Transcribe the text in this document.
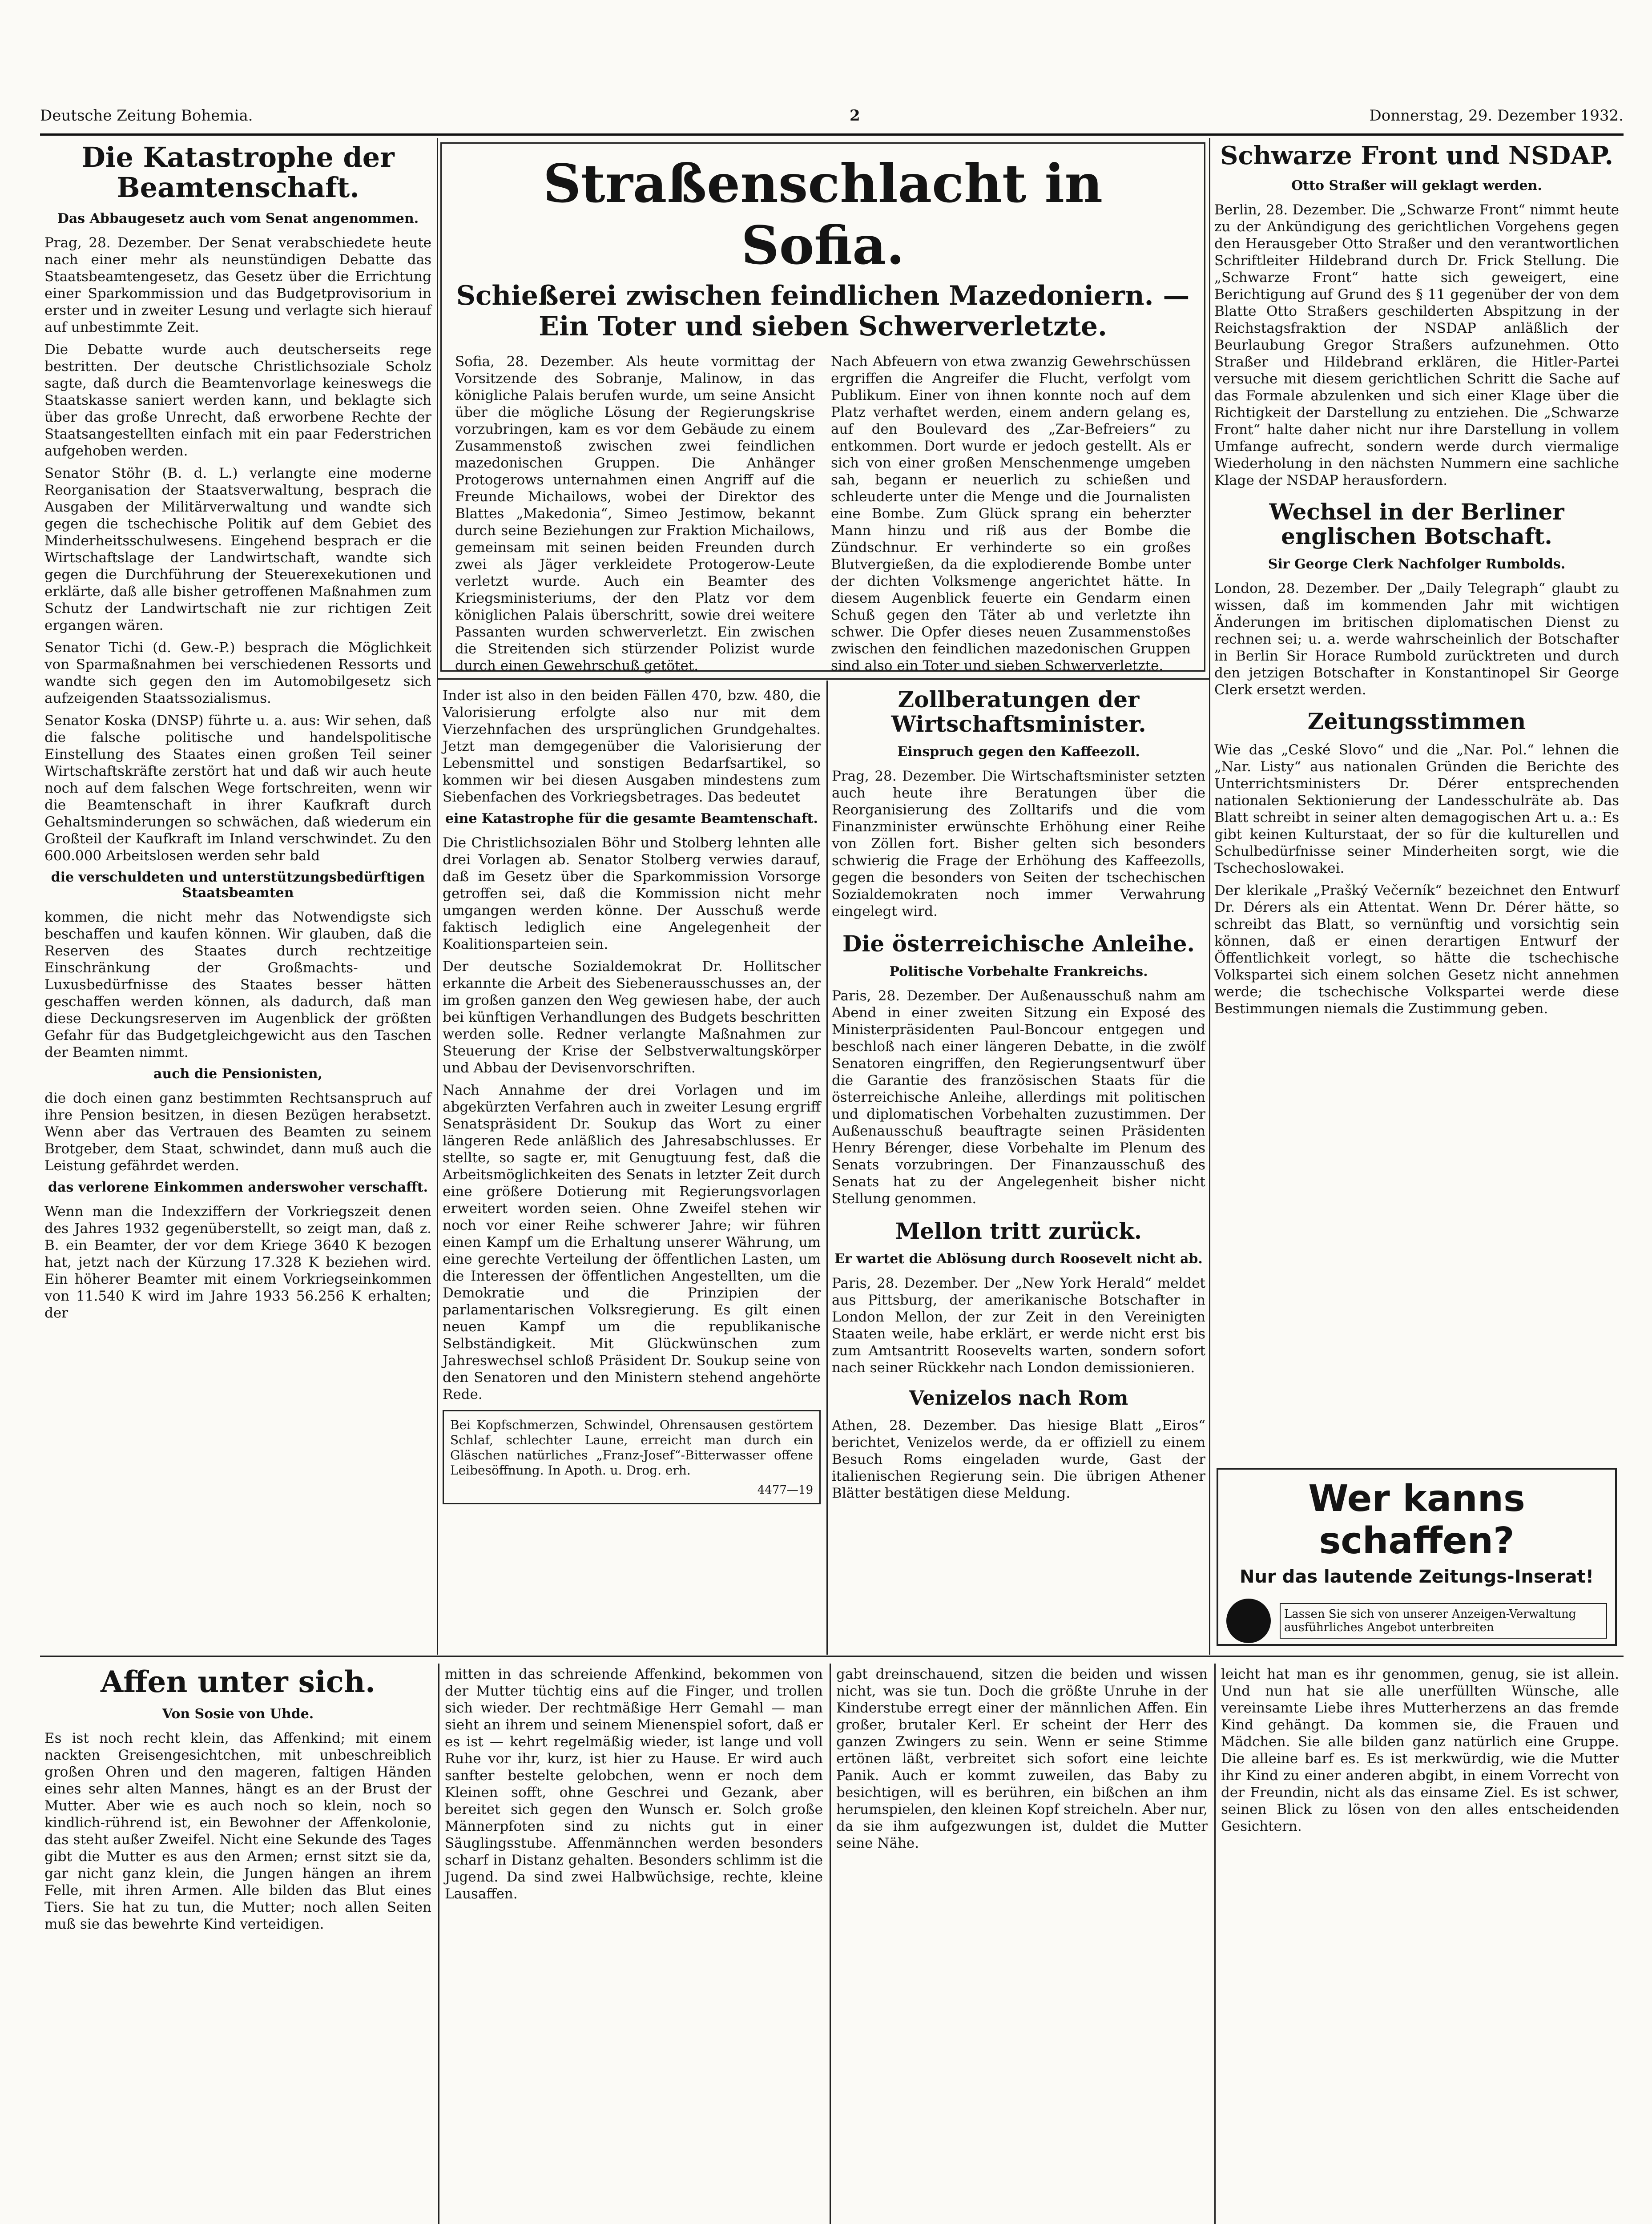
Deutsche Zeitung Bohemia.	2	Donnerstag, 29. Dezember 1932.
Die Katastrophe der Beamtenschaft.
Das Abbaugesetz auch vom Senat angenommen.

Prag, 28. Dezember. Der Senat verabschiedete heute nach einer mehr als neunstündigen Debatte das Staatsbeamtengesetz, das Gesetz über die Errichtung einer Sparkommission und das Budgetprovisorium in erster und in zweiter Lesung und verlagte sich hierauf auf unbestimmte Zeit.

Die Debatte wurde auch deutscherseits rege bestritten. Der deutsche Christlichsoziale Scholz sagte, daß durch die Beamtenvorlage keineswegs die Staatskasse saniert werden kann, und beklagte sich über das große Unrecht, daß erworbene Rechte der Staatsangestellten einfach mit ein paar Federstrichen aufgehoben werden.

Senator Stöhr (B. d. L.) verlangte eine moderne Reorganisation der Staatsverwaltung, besprach die Ausgaben der Militärverwaltung und wandte sich gegen die tschechische Politik auf dem Gebiet des Minderheitsschulwesens. Eingehend besprach er die Wirtschaftslage der Landwirtschaft, wandte sich gegen die Durchführung der Steuerexekutionen und erklärte, daß alle bisher getroffenen Maßnahmen zum Schutz der Landwirtschaft nie zur richtigen Zeit ergangen wären.

Senator Tichi (d. Gew.-P.) besprach die Möglichkeit von Sparmaßnahmen bei verschiedenen Ressorts und wandte sich gegen den im Automobilgesetz sich aufzeigenden Staatssozialismus.

Senator Koska (DNSP) führte u. a. aus: Wir sehen, daß die falsche politische und handelspolitische Einstellung des Staates einen großen Teil seiner Wirtschaftskräfte zerstört hat und daß wir auch heute noch auf dem falschen Wege fortschreiten, wenn wir die Beamtenschaft in ihrer Kaufkraft durch Gehaltsminderungen so schwächen, daß wiederum ein Großteil der Kaufkraft im Inland verschwindet. Zu den 600.000 Arbeitslosen werden sehr bald

die verschuldeten und unterstützungsbedürftigen Staatsbeamten

kommen, die nicht mehr das Notwendigste sich beschaffen und kaufen können. Wir glauben, daß die Reserven des Staates durch rechtzeitige Einschränkung der Großmachts- und Luxusbedürfnisse des Staates besser hätten geschaffen werden können, als dadurch, daß man diese Deckungsreserven im Augenblick der größten Gefahr für das Budgetgleichgewicht aus den Taschen der Beamten nimmt.

auch die Pensionisten,

die doch einen ganz bestimmten Rechtsanspruch auf ihre Pension besitzen, in diesen Bezügen herabsetzt. Wenn aber das Vertrauen des Beamten zu seinem Brotgeber, dem Staat, schwindet, dann muß auch die Leistung gefährdet werden.

das verlorene Einkommen anderswoher verschafft.

Wenn man die Indexziffern der Vorkriegszeit denen des Jahres 1932 gegenüberstellt, so zeigt man, daß z. B. ein Beamter, der vor dem Kriege 3640 K bezogen hat, jetzt nach der Kürzung 17.328 K beziehen wird. Ein höherer Beamter mit einem Vorkriegseinkommen von 11.540 K wird im Jahre 1933 56.256 K erhalten; der

Straßenschlacht in Sofia.
Schießerei zwischen feindlichen Mazedoniern. — Ein Toter und sieben Schwerverletzte.

Sofia, 28. Dezember. Als heute vormittag der Vorsitzende des Sobranje, Malinow, in das königliche Palais berufen wurde, um seine Ansicht über die mögliche Lösung der Regierungskrise vorzubringen, kam es vor dem Gebäude zu einem Zusammenstoß zwischen zwei feindlichen mazedonischen Gruppen. Die Anhänger Protogerows unternahmen einen Angriff auf die Freunde Michailows, wobei der Direktor des Blattes „Makedonia“, Simeo Jestimow, bekannt durch seine Beziehungen zur Fraktion Michailows, gemeinsam mit seinen beiden Freunden durch zwei als Jäger verkleidete Protogerow-Leute verletzt wurde. Auch ein Beamter des Kriegsministeriums, der den Platz vor dem königlichen Palais überschritt, sowie drei weitere Passanten wurden schwerverletzt. Ein zwischen die Streitenden sich stürzender Polizist wurde durch einen Gewehrschuß getötet.

Nach Abfeuern von etwa zwanzig Gewehrschüssen ergriffen die Angreifer die Flucht, verfolgt vom Publikum. Einer von ihnen konnte noch auf dem Platz verhaftet werden, einem andern gelang es, auf den Boulevard des „Zar-Befreiers“ zu entkommen. Dort wurde er jedoch gestellt. Als er sich von einer großen Menschenmenge umgeben sah, begann er neuerlich zu schießen und schleuderte unter die Menge und die Journalisten eine Bombe. Zum Glück sprang ein beherzter Mann hinzu und riß aus der Bombe die Zündschnur. Er verhinderte so ein großes Blutvergießen, da die explodierende Bombe unter der dichten Volksmenge angerichtet hätte. In diesem Augenblick feuerte ein Gendarm einen Schuß gegen den Täter ab und verletzte ihn schwer. Die Opfer dieses neuen Zusammenstoßes zwischen den feindlichen mazedonischen Gruppen sind also ein Toter und sieben Schwerverletzte.

Inder ist also in den beiden Fällen 470, bzw. 480, die Valorisierung erfolgte also nur mit dem Vierzehnfachen des ursprünglichen Grundgehaltes. Jetzt man demgegenüber die Valorisierung der Lebensmittel und sonstigen Bedarfsartikel, so kommen wir bei diesen Ausgaben mindestens zum Siebenfachen des Vorkriegsbetrages. Das bedeutet

eine Katastrophe für die gesamte Beamtenschaft.

Die Christlichsozialen Böhr und Stolberg lehnten alle drei Vorlagen ab. Senator Stolberg verwies darauf, daß im Gesetz über die Sparkommission Vorsorge getroffen sei, daß die Kommission nicht mehr umgangen werden könne. Der Ausschuß werde faktisch lediglich eine Angelegenheit der Koalitionsparteien sein.

Der deutsche Sozialdemokrat Dr. Hollitscher erkannte die Arbeit des Siebenerausschusses an, der im großen ganzen den Weg gewiesen habe, der auch bei künftigen Verhandlungen des Budgets beschritten werden solle. Redner verlangte Maßnahmen zur Steuerung der Krise der Selbstverwaltungskörper und Abbau der Devisenvorschriften.

Nach Annahme der drei Vorlagen und im abgekürzten Verfahren auch in zweiter Lesung ergriff Senatspräsident Dr. Soukup das Wort zu einer längeren Rede anläßlich des Jahresabschlusses. Er stellte, so sagte er, mit Genugtuung fest, daß die Arbeitsmöglichkeiten des Senats in letzter Zeit durch eine größere Dotierung mit Regierungsvorlagen erweitert worden seien. Ohne Zweifel stehen wir noch vor einer Reihe schwerer Jahre; wir führen einen Kampf um die Erhaltung unserer Währung, um eine gerechte Verteilung der öffentlichen Lasten, um die Interessen der öffentlichen Angestellten, um die Demokratie und die Prinzipien der parlamentarischen Volksregierung. Es gilt einen neuen Kampf um die republikanische Selbständigkeit. Mit Glückwünschen zum Jahreswechsel schloß Präsident Dr. Soukup seine von den Senatoren und den Ministern stehend angehörte Rede.

Bei Kopfschmerzen, Schwindel, Ohrensausen gestörtem Schlaf, schlechter Laune, erreicht man durch ein Gläschen natürliches „Franz-Josef“-Bitterwasser offene Leibesöffnung. In Apoth. u. Drog. erh.

4477—19
Zollberatungen der Wirtschaftsminister.
Einspruch gegen den Kaffeezoll.

Prag, 28. Dezember. Die Wirtschaftsminister setzten auch heute ihre Beratungen über die Reorganisierung des Zolltarifs und die vom Finanzminister erwünschte Erhöhung einer Reihe von Zöllen fort. Bisher gelten sich besonders schwierig die Frage der Erhöhung des Kaffeezolls, gegen die besonders von Seiten der tschechischen Sozialdemokraten noch immer Verwahrung eingelegt wird.

Die österreichische Anleihe.
Politische Vorbehalte Frankreichs.

Paris, 28. Dezember. Der Außenausschuß nahm am Abend in einer zweiten Sitzung ein Exposé des Ministerpräsidenten Paul-Boncour entgegen und beschloß nach einer längeren Debatte, in die zwölf Senatoren eingriffen, den Regierungsentwurf über die Garantie des französischen Staats für die österreichische Anleihe, allerdings mit politischen und diplomatischen Vorbehalten zuzustimmen. Der Außenausschuß beauftragte seinen Präsidenten Henry Bérenger, diese Vorbehalte im Plenum des Senats vorzubringen. Der Finanzausschuß des Senats hat zu der Angelegenheit bisher nicht Stellung genommen.

Mellon tritt zurück.
Er wartet die Ablösung durch Roosevelt nicht ab.

Paris, 28. Dezember. Der „New York Herald“ meldet aus Pittsburg, der amerikanische Botschafter in London Mellon, der zur Zeit in den Vereinigten Staaten weile, habe erklärt, er werde nicht erst bis zum Amtsantritt Roosevelts warten, sondern sofort nach seiner Rückkehr nach London demissionieren.

Venizelos nach Rom

Athen, 28. Dezember. Das hiesige Blatt „Eiros“ berichtet, Venizelos werde, da er offiziell zu einem Besuch Roms eingeladen wurde, Gast der italienischen Regierung sein. Die übrigen Athener Blätter bestätigen diese Meldung.

Schwarze Front und NSDAP.
Otto Straßer will geklagt werden.

Berlin, 28. Dezember. Die „Schwarze Front“ nimmt heute zu der Ankündigung des gerichtlichen Vorgehens gegen den Herausgeber Otto Straßer und den verantwortlichen Schriftleiter Hildebrand durch Dr. Frick Stellung. Die „Schwarze Front“ hatte sich geweigert, eine Berichtigung auf Grund des § 11 gegenüber der von dem Blatte Otto Straßers geschilderten Abspitzung in der Reichstagsfraktion der NSDAP anläßlich der Beurlaubung Gregor Straßers aufzunehmen. Otto Straßer und Hildebrand erklären, die Hitler-Partei versuche mit diesem gerichtlichen Schritt die Sache auf das Formale abzulenken und sich einer Klage über die Richtigkeit der Darstellung zu entziehen. Die „Schwarze Front“ halte daher nicht nur ihre Darstellung in vollem Umfange aufrecht, sondern werde durch viermalige Wiederholung in den nächsten Nummern eine sachliche Klage der NSDAP herausfordern.

Wechsel in der Berliner englischen Botschaft.
Sir George Clerk Nachfolger Rumbolds.

London, 28. Dezember. Der „Daily Telegraph“ glaubt zu wissen, daß im kommenden Jahr mit wichtigen Änderungen im britischen diplomatischen Dienst zu rechnen sei; u. a. werde wahrscheinlich der Botschafter in Berlin Sir Horace Rumbold zurücktreten und durch den jetzigen Botschafter in Konstantinopel Sir George Clerk ersetzt werden.

Zeitungsstimmen

Wie das „Ceské Slovo“ und die „Nar. Pol.“ lehnen die „Nar. Listy“ aus nationalen Gründen die Berichte des Unterrichtsministers Dr. Dérer entsprechenden nationalen Sektionierung der Landesschulräte ab. Das Blatt schreibt in seiner alten demagogischen Art u. a.: Es gibt keinen Kulturstaat, der so für die kulturellen und Schulbedürfnisse seiner Minderheiten sorgt, wie die Tschechoslowakei.

Der klerikale „Prašký Večerník“ bezeichnet den Entwurf Dr. Dérers als ein Attentat. Wenn Dr. Dérer hätte, so schreibt das Blatt, so vernünftig und vorsichtig sein können, daß er einen derartigen Entwurf der Öffentlichkeit vorlegt, so hätte die tschechische Volkspartei sich einem solchen Gesetz nicht annehmen werde; die tschechische Volkspartei werde diese Bestimmungen niemals die Zustimmung geben.

Wer kanns schaffen?
Nur das lautende Zeitungs-Inserat!
Lassen Sie sich von unserer Anzeigen-Verwaltung ausführliches Angebot unterbreiten
Affen unter sich.
Von Sosie von Uhde.

Es ist noch recht klein, das Affenkind; mit einem nackten Greisengesichtchen, mit unbeschreiblich großen Ohren und den mageren, faltigen Händen eines sehr alten Mannes, hängt es an der Brust der Mutter. Aber wie es auch noch so klein, noch so kindlich-rührend ist, ein Bewohner der Affenkolonie, das steht außer Zweifel. Nicht eine Sekunde des Tages gibt die Mutter es aus den Armen; ernst sitzt sie da, gar nicht ganz klein, die Jungen hängen an ihrem Felle, mit ihren Armen. Alle bilden das Blut eines Tiers. Sie hat zu tun, die Mutter; noch allen Seiten muß sie das bewehrte Kind verteidigen.

mitten in das schreiende Affenkind, bekommen von der Mutter tüchtig eins auf die Finger, und trollen sich wieder. Der rechtmäßige Herr Gemahl — man sieht an ihrem und seinem Mienenspiel sofort, daß er es ist — kehrt regelmäßig wieder, ist lange und voll Ruhe vor ihr, kurz, ist hier zu Hause. Er wird auch sanfter bestelte gelobchen, wenn er noch dem Kleinen sofft, ohne Geschrei und Gezank, aber bereitet sich gegen den Wunsch er. Solch große Männerpfoten sind zu nichts gut in einer Säuglingsstube. Affenmännchen werden besonders scharf in Distanz gehalten. Besonders schlimm ist die Jugend. Da sind zwei Halbwüchsige, rechte, kleine Lausaffen.

gabt dreinschauend, sitzen die beiden und wissen nicht, was sie tun. Doch die größte Unruhe in der Kinderstube erregt einer der männlichen Affen. Ein großer, brutaler Kerl. Er scheint der Herr des ganzen Zwingers zu sein. Wenn er seine Stimme ertönen läßt, verbreitet sich sofort eine leichte Panik. Auch er kommt zuweilen, das Baby zu besichtigen, will es berühren, ein bißchen an ihm herumspielen, den kleinen Kopf streicheln. Aber nur, da sie ihm aufgezwungen ist, duldet die Mutter seine Nähe.

leicht hat man es ihr genommen, genug, sie ist allein. Und nun hat sie alle unerfüllten Wünsche, alle vereinsamte Liebe ihres Mutterherzens an das fremde Kind gehängt. Da kommen sie, die Frauen und Mädchen. Sie alle bilden ganz natürlich eine Gruppe. Die alleine barf es. Es ist merkwürdig, wie die Mutter ihr Kind zu einer anderen abgibt, in einem Vorrecht von der Freundin, nicht als das einsame Ziel. Es ist schwer, seinen Blick zu lösen von den alles entscheidenden Gesichtern.
